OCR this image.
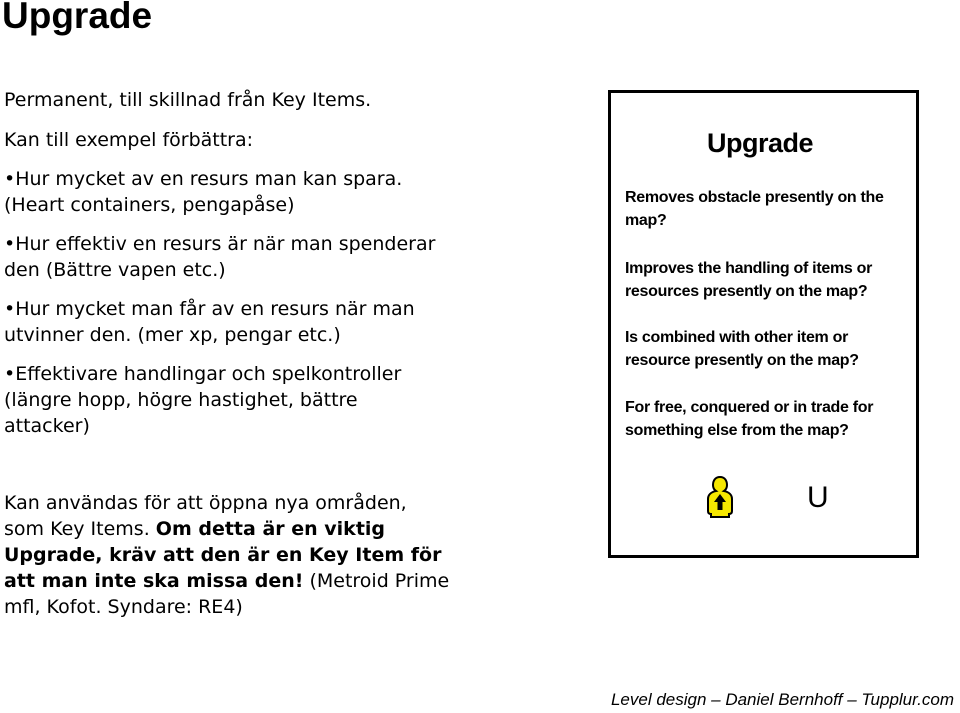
Upgrade

Permanent, till skillnad från Key Items.

Kan till exempel förbättra:

•Hur mycket av en resurs man kan spara.
(Heart containers, pengapåse)
•Hur effektiv en resurs är när man spenderar
den (Bättre vapen etc.)
•Hur mycket man får av en resurs när man
utvinner den. (mer xp, pengar etc.)
•Effektivare handlingar och spelkontroller
(längre hopp, högre hastighet, bättre
attacker)
Upgrade
Removes obstacle presently on the
map?
Improves the handling of items or
resources presently on the map?
Is combined with other item or
resource presently on the map?
For free, conquered or in trade for
something else from the map?
U

Kan användas för att öppna nya områden,
som Key Items. Om detta är en viktig
Upgrade, kräv att den är en Key Item för
att man inte ska missa den! (Metroid Prime
mfl, Kofot. Syndare: RE4)

Level design – Daniel Bernhoff – Tupplur.com
